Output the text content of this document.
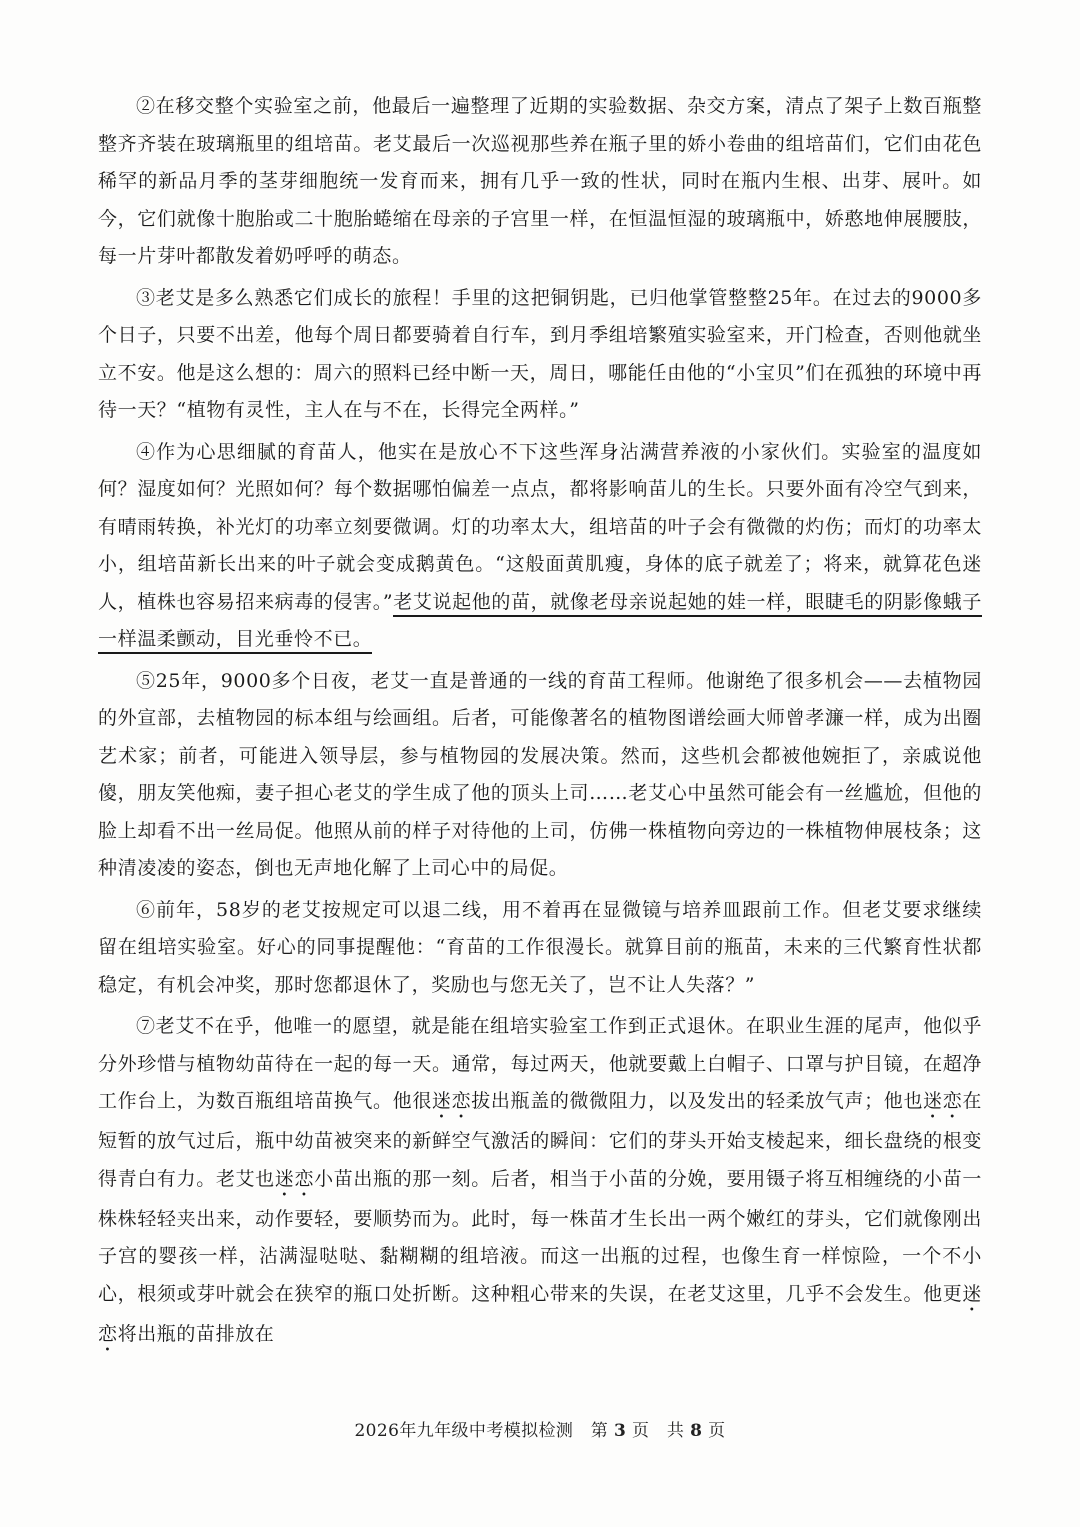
②在移交整个实验室之前，他最后一遍整理了近期的实验数据、杂交方案，清点了架子上数百瓶整整齐齐装在玻璃瓶里的组培苗。老艾最后一次巡视那些养在瓶子里的娇小卷曲的组培苗们，它们由花色稀罕的新品月季的茎芽细胞统一发育而来，拥有几乎一致的性状，同时在瓶内生根、出芽、展叶。如今，它们就像十胞胎或二十胞胎蜷缩在母亲的子宫里一样，在恒温恒湿的玻璃瓶中，娇憨地伸展腰肢，每一片芽叶都散发着奶呼呼的萌态。

③老艾是多么熟悉它们成长的旅程！手里的这把铜钥匙，已归他掌管整整25年。在过去的9000多个日子，只要不出差，他每个周日都要骑着自行车，到月季组培繁殖实验室来，开门检查，否则他就坐立不安。他是这么想的：周六的照料已经中断一天，周日，哪能任由他的“小宝贝”们在孤独的环境中再待一天？“植物有灵性，主人在与不在，长得完全两样。”

④作为心思细腻的育苗人，他实在是放心不下这些浑身沾满营养液的小家伙们。实验室的温度如何？湿度如何？光照如何？每个数据哪怕偏差一点点，都将影响苗儿的生长。只要外面有冷空气到来，有晴雨转换，补光灯的功率立刻要微调。灯的功率太大，组培苗的叶子会有微微的灼伤；而灯的功率太小，组培苗新长出来的叶子就会变成鹅黄色。“这般面黄肌瘦，身体的底子就差了；将来，就算花色迷人，植株也容易招来病毒的侵害。”老艾说起他的苗，就像老母亲说起她的娃一样，眼睫毛的阴影像蛾子一样温柔颤动，目光垂怜不已。

⑤25年，9000多个日夜，老艾一直是普通的一线的育苗工程师。他谢绝了很多机会——去植物园的外宣部，去植物园的标本组与绘画组。后者，可能像著名的植物图谱绘画大师曾孝濂一样，成为出圈艺术家；前者，可能进入领导层，参与植物园的发展决策。然而，这些机会都被他婉拒了，亲戚说他傻，朋友笑他痴，妻子担心老艾的学生成了他的顶头上司……老艾心中虽然可能会有一丝尴尬，但他的脸上却看不出一丝局促。他照从前的样子对待他的上司，仿佛一株植物向旁边的一株植物伸展枝条；这种清凌凌的姿态，倒也无声地化解了上司心中的局促。

⑥前年，58岁的老艾按规定可以退二线，用不着再在显微镜与培养皿跟前工作。但老艾要求继续留在组培实验室。好心的同事提醒他：“育苗的工作很漫长。就算目前的瓶苗，未来的三代繁育性状都稳定，有机会冲奖，那时您都退休了，奖励也与您无关了，岂不让人失落？”

⑦老艾不在乎，他唯一的愿望，就是能在组培实验室工作到正式退休。在职业生涯的尾声，他似乎分外珍惜与植物幼苗待在一起的每一天。通常，每过两天，他就要戴上白帽子、口罩与护目镜，在超净工作台上，为数百瓶组培苗换气。他很迷恋拔出瓶盖的微微阻力，以及发出的轻柔放气声；他也迷恋在短暂的放气过后，瓶中幼苗被突来的新鲜空气激活的瞬间：它们的芽头开始支棱起来，细长盘绕的根变得青白有力。老艾也迷恋小苗出瓶的那一刻。后者，相当于小苗的分娩，要用镊子将互相缠绕的小苗一株株轻轻夹出来，动作要轻，要顺势而为。此时，每一株苗才生长出一两个嫩红的芽头，它们就像刚出子宫的婴孩一样，沾满湿哒哒、黏糊糊的组培液。而这一出瓶的过程，也像生育一样惊险，一个不小心，根须或芽叶就会在狭窄的瓶口处折断。这种粗心带来的失误，在老艾这里，几乎不会发生。他更迷恋将出瓶的苗排放在

2026年九年级中考模拟检测 第 3 页 共 8 页
